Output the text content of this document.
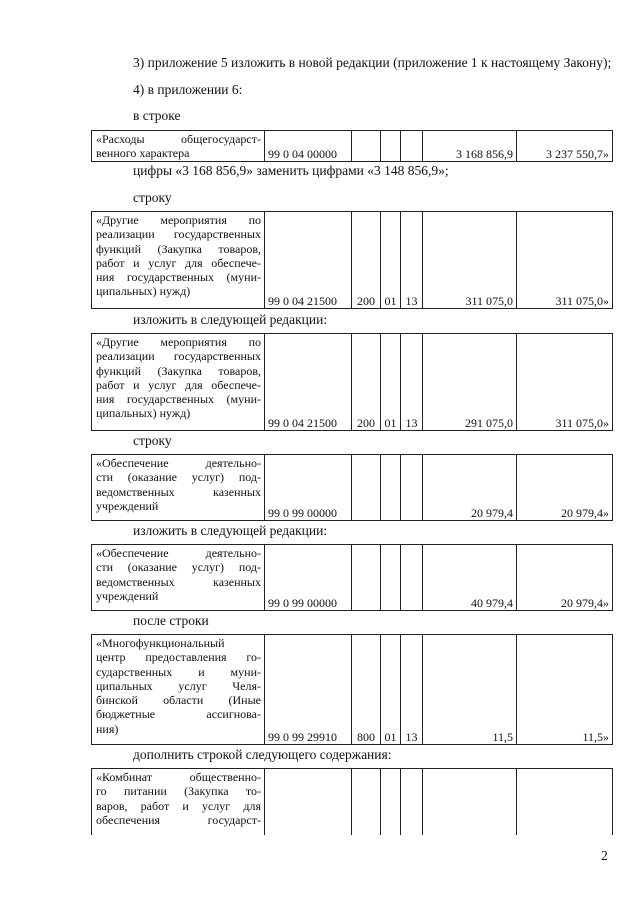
3) приложение 5 изложить в новой редакции (приложение 1 к настоящему Закону);
4) в приложении 6:
в строке
«Расходы общегосударст-
венного характера	99 0 04 00000				3 168 856,9	3 237 550,7»
цифры «3 168 856,9» заменить цифрами «3 148 856,9»;
строку
«Другие мероприятия по
реализации государственных
функций (Закупка товаров,
работ и услуг для обеспече-
ния государственных (муни-
ципальных) нужд)
	99 0 04 21500	200	01	13	311 075,0	311 075,0»
изложить в следующей редакции:
«Другие мероприятия по
реализации государственных
функций (Закупка товаров,
работ и услуг для обеспече-
ния государственных (муни-
ципальных) нужд)
	99 0 04 21500	200	01	13	291 075,0	311 075,0»
строку
«Обеспечение деятельно-
сти (оказание услуг) под-
ведомственных казенных
учреждений	99 0 99 00000				20 979,4	20 979,4»
изложить в следующей редакции:
«Обеспечение деятельно-
сти (оказание услуг) под-
ведомственных казенных
учреждений	99 0 99 00000				40 979,4	20 979,4»
после строки
«Многофункциональный
центр предоставления го-
сударственных и муни-
ципальных услуг Челя-
бинской области (Иные
бюджетные ассигнова-
ния)
	99 0 99 29910	800	01	13	11,5	11,5»
дополнить строкой следующего содержания:
«Комбинат общественно-
го питании (Закупка то-
варов, работ и услуг для
обеспечения государст-

2
